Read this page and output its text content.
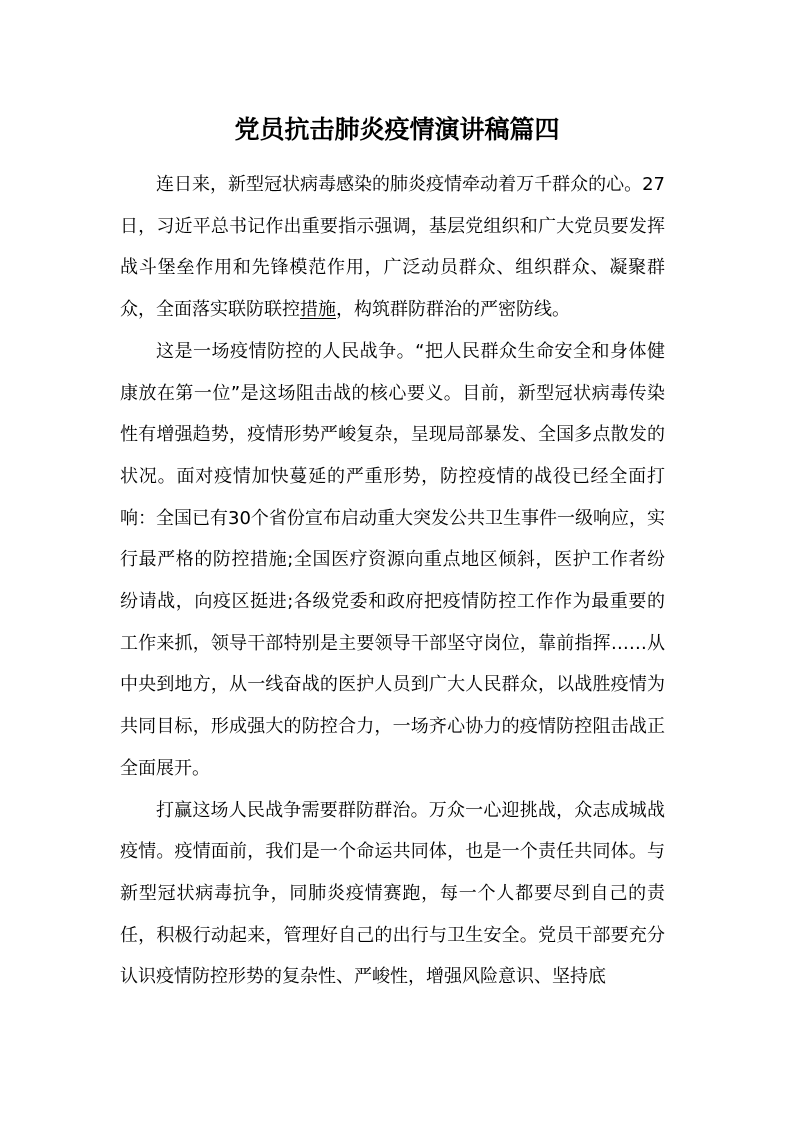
党员抗击肺炎疫情演讲稿篇四

连日来，新型冠状病毒感染的肺炎疫情牵动着万千群众的心。27日，习近平总书记作出重要指示强调，基层党组织和广大党员要发挥战斗堡垒作用和先锋模范作用，广泛动员群众、组织群众、凝聚群众，全面落实联防联控措施，构筑群防群治的严密防线。

这是一场疫情防控的人民战争。“把人民群众生命安全和身体健康放在第一位”是这场阻击战的核心要义。目前，新型冠状病毒传染性有增强趋势，疫情形势严峻复杂，呈现局部暴发、全国多点散发的状况。面对疫情加快蔓延的严重形势，防控疫情的战役已经全面打响：全国已有30个省份宣布启动重大突发公共卫生事件一级响应，实行最严格的防控措施;全国医疗资源向重点地区倾斜，医护工作者纷纷请战，向疫区挺进;各级党委和政府把疫情防控工作作为最重要的工作来抓，领导干部特别是主要领导干部坚守岗位，靠前指挥……从中央到地方，从一线奋战的医护人员到广大人民群众，以战胜疫情为共同目标，形成强大的防控合力，一场齐心协力的疫情防控阻击战正全面展开。

打赢这场人民战争需要群防群治。万众一心迎挑战，众志成城战疫情。疫情面前，我们是一个命运共同体，也是一个责任共同体。与新型冠状病毒抗争，同肺炎疫情赛跑，每一个人都要尽到自己的责任，积极行动起来，管理好自己的出行与卫生安全。党员干部要充分认识疫情防控形势的复杂性、严峻性，增强风险意识、坚持底
